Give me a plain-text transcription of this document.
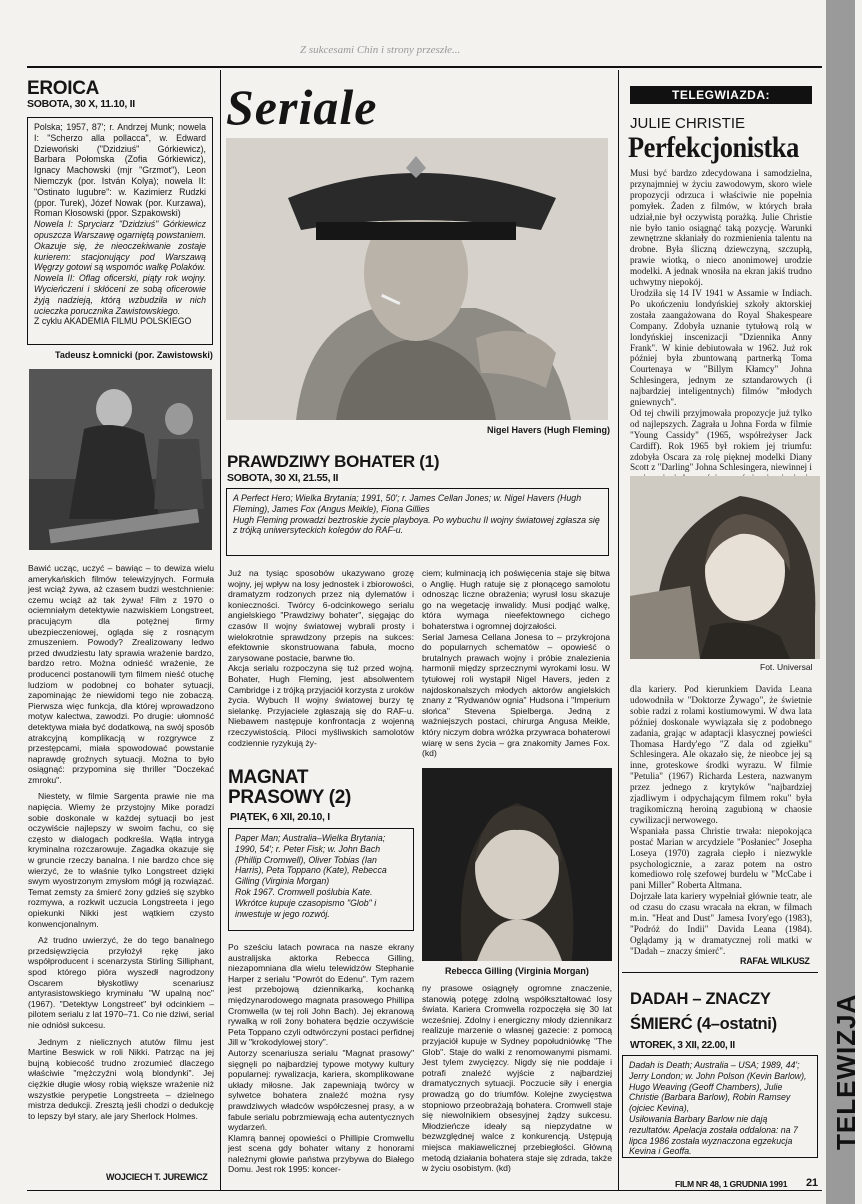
Z sukcesami Chin i strony przeszłe...
EROICA
SOBOTA, 30 X, 11.10, II
Polska; 1957, 87'; r. Andrzej Munk; nowela I: "Scherzo alla pollacca", w. Edward Dziewoński ("Dzidziuś" Górkiewicz), Barbara Połomska (Zofia Górkiewicz), Ignacy Machowski (mjr "Grzmot"), Leon Niemczyk (por. István Kolya); nowela II: "Ostinato lugubre": w. Kazimierz Rudzki (ppor. Turek), Józef Nowak (por. Kurzawa), Roman Kłosowski (ppor. Szpakowski)
Nowela I: Spryciarz "Dzidziuś" Górkiewicz opuszcza Warszawę ogarniętą powstaniem. Okazuje się, że nieoczekiwanie zostaje kurierem: stacjonujący pod Warszawą Węgrzy gotowi są wspomóc walkę Polaków.
Nowela II: Oflag oficerski, piąty rok wojny. Wycieńczeni i skłóceni ze sobą oficerowie żyją nadzieją, którą wzbudziła w nich ucieczka porucznika Zawistowskiego.
Z cyklu AKADEMIA FILMU POLSKIEGO
Tadeusz Łomnicki (por. Zawistowski)

Bawić ucząc, uczyć – bawiąc – to dewiza wielu amerykańskich filmów telewizyjnych. Formuła jest wciąż żywa, aż czasem budzi westchnienie: czemu wciąż aż tak żywa! Film z 1970 o ociemniałym detektywie nazwiskiem Longstreet, pracującym dla potężnej firmy ubezpieczeniowej, ogląda się z rosnącym zmuszeniem. Powody? Zrealizowany ledwo przed dwudziestu laty sprawia wrażenie bardzo, bardzo retro. Można odnieść wrażenie, że producenci postanowili tym filmem nieść otuchę ludziom w podobnej co bohater sytuacji, zapominając że niewidomi tego nie zobaczą. Pierwsza więc funkcja, dla której wprowadzono motyw kalectwa, zawodzi. Po drugie: ułomność detektywa miała być dodatkową, na swój sposób atrakcyjną komplikacją w rozgrywce z przestępcami, miała spowodować powstanie naprawdę groźnych sytuacji. Można to było osiągnąć: przypomina się thriller "Doczekać zmroku".

Niestety, w filmie Sargenta prawie nie ma napięcia. Wiemy że przystojny Mike poradzi sobie doskonale w każdej sytuacji bo jest oczywiście najlepszy w swoim fachu, co się często w dialogach podkreśla. Wątła intryga kryminalna rozczarowuje. Zagadka okazuje się w gruncie rzeczy banalna. I nie bardzo chce się wierzyć, że to właśnie tylko Longstreet dzięki swym wyostrzonym zmysłom mógł ją rozwiązać. Temat zemsty za śmierć żony gdzieś się szybko rozmywa, a rozkwit uczucia Longstreeta i jego opiekunki Nikki jest wątkiem czysto konwencjonalnym.

Aż trudno uwierzyć, że do tego banalnego przedsięwzięcia przyłożył rękę jako współproducent i scenarzysta Stirling Silliphant, spod którego pióra wyszedł nagrodzony Oscarem błyskotliwy scenariusz antyrasistowskiego kryminału "W upalną noc" (1967). "Detektyw Longstreet" był odcinkiem – pilotem serialu z lat 1970–71. Co nie dziwi, serial nie odniósł sukcesu.

Jednym z nielicznych atutów filmu jest Martine Beswick w roli Nikki. Patrząc na jej bujną kobiecość trudno zrozumieć dlaczego właściwie "mężczyźni wolą blondynki". Jej ciężkie długie włosy robią większe wrażenie niż wszystkie perypetie Longstreeta – dzielnego mistrza dedukcji. Zresztą jeśli chodzi o dedukcję to lepszy był stary, ale jary Sherlock Holmes.

WOJCIECH T. JUREWICZ
Seriale
Nigel Havers (Hugh Fleming)
PRAWDZIWY BOHATER (1)
SOBOTA, 30 XI, 21.55, II
A Perfect Hero; Wielka Brytania; 1991, 50'; r. James Cellan Jones; w. Nigel Havers (Hugh Fleming), James Fox (Angus Meikle), Fiona Gillies
Hugh Fleming prowadzi beztroskie życie playboya. Po wybuchu II wojny światowej zgłasza się z trójką uniwersyteckich kolegów do RAF-u.
Już na tysiąc sposobów ukazywano grozę wojny, jej wpływ na losy jednostek i zbiorowości, dramatyzm rodzonych przez nią dylematów i konieczności. Twórcy 6-odcinkowego serialu angielskiego "Prawdziwy bohater", sięgając do czasów II wojny światowej wybrali prosty i wielokrotnie sprawdzony przepis na sukces: efektownie skonstruowana fabuła, mocno zarysowane postacie, barwne tło.
Akcja serialu rozpoczyna się tuż przed wojną. Bohater, Hugh Fleming, jest absolwentem Cambridge i z trójką przyjaciół korzysta z uroków życia. Wybuch II wojny światowej burzy tę sielankę. Przyjaciele zgłaszają się do RAF-u. Niebawem następuje konfrontacja z wojenną rzeczywistością. Piloci myśliwskich samolotów codziennie ryzykują ży-
ciem; kulminacją ich poświęcenia staje się bitwa o Anglię. Hugh ratuje się z płonącego samolotu odnosząc liczne obrażenia; wyrusł losu skazuje go na wegetację inwalidy. Musi podjąć walkę, która wymaga nieefektownego cichego bohaterstwa i ogromnej dojrzałości.
Serial Jamesa Cellana Jonesa to – przykrojona do popularnych schematów – opowieść o brutalnych prawach wojny i próbie znalezienia harmonii między sprzecznymi wyrokami losu. W tytułowej roli wystąpił Nigel Havers, jeden z najdoskonalszych młodych aktorów angielskich znany z "Rydwanów ognia" Hudsona i "Imperium słońca" Stevena Spielberga. Jedną z ważniejszych postaci, chirurga Angusa Meikle, który niczym dobra wróżka przywraca bohaterowi wiarę w sens życia – gra znakomity James Fox. (kd)
MAGNAT
PRASOWY (2)
PIĄTEK, 6 XII, 20.10, I
Paper Man; Australia–Wielka Brytania; 1990, 54'; r. Peter Fisk; w. John Bach (Phillip Cromwell), Oliver Tobias (Ian Harris), Peta Toppano (Kate), Rebecca Gilling (Virginia Morgan)
Rok 1967. Cromwell poślubia Kate. Wkrótce kupuje czasopismo "Glob" i inwestuje w jego rozwój.
Rebecca Gilling (Virginia Morgan)
Po sześciu latach powraca na nasze ekrany australijska aktorka Rebecca Gilling, niezapomniana dla wielu telewidzów Stephanie Harper z serialu "Powrót do Edenu". Tym razem jest przebojową dziennikarką, kochanką międzynarodowego magnata prasowego Phillipa Cromwella (w tej roli John Bach). Jej ekranową rywalką w roli żony bohatera będzie oczywiście Peta Toppano czyli odtwórczyni postaci perfidnej Jill w "krokodylowej story".
Autorzy scenariusza serialu "Magnat prasowy" sięgnęli po najbardziej typowe motywy kultury popularnej: rywalizacja, kariera, skomplikowane układy miłosne. Jak zapewniają twórcy w sylwetce bohatera znaleźć można rysy prawdziwych władców współczesnej prasy, a w fabule serialu pobrzmiewają echa autentycznych wydarzeń.
Klamrą bannej opowieści o Phillipie Cromwellu jest scena gdy bohater witany z honorami należnymi głowie państwa przybywa do Białego Domu. Jest rok 1995: koncer-
ny prasowe osiągnęły ogromne znaczenie, stanowią potęgę zdolną współkształtować losy świata. Kariera Cromwella rozpoczęła się 30 lat wcześniej. Zdolny i energiczny młody dziennikarz realizuje marzenie o własnej gazecie: z pomocą przyjaciół kupuje w Sydney popołudniówkę "The Glob". Staje do walki z renomowanymi pismami. Jest tylem zwycięzcy. Nigdy się nie poddaje i potrafi znaleźć wyjście z najbardziej dramatycznych sytuacji. Poczucie siły i energia prowadzą go do triumfów. Kolejne zwycięstwa stopniowo przeobrażają bohatera. Cromwell staje się niewolnikiem obsesyjnej żądzy sukcesu. Młodzieńcze ideały są niepzydatne w bezwzględnej walce z konkurencją. Ustępują miejsca makiawelicznej przebiegłości. Główną metodą działania bohatera staje się zdrada, także w życiu osobistym. (kd)
TELEGWIAZDA:
JULIE CHRISTIE
Perfekcjonistka
Musi być bardzo zdecydowana i samodzielna, przynajmniej w życiu zawodowym, skoro wiele propozycji odrzuca i właściwie nie popełnia pomyłek. Żaden z filmów, w których brała udział,nie był oczywistą porażką. Julie Christie nie było tanio osiągnąć taką pozycję. Warunki zewnętrzne skłaniały do rozmienienia talentu na drobne. Była śliczną dziewczyną, szczupłą, prawie wiotką, o nieco anonimowej urodzie modelki. A jednak wnosiła na ekran jakiś trudno uchwytny niepokój.
Urodziła się 14 IV 1941 w Assamie w Indiach. Po ukończeniu londyńskiej szkoły aktorskiej została zaangażowana do Royal Shakespeare Company. Zdobyła uznanie tytułową rolą w londyńskiej inscenizacji "Dziennika Anny Frank". W kinie debiutowała w 1962. Już rok później była zbuntowaną partnerką Toma Courtenaya w "Billym Kłamcy" Johna Schlesingera, jednym ze sztandarowych (i najbardziej inteligentnych) filmów "młodych gniewnych".
Od tej chwili przyjmowała propozycje już tylko od najlepszych. Zagrała u Johna Forda w filmie "Young Cassidy" (1965, współreżyser Jack Cardiff). Rok 1965 był rokiem jej triumfu: zdobyła Oscara za rolę pięknej modelki Diany Scott z "Darling" Johna Schlesingera, niewinnej i
Fot. Universal
dla kariery. Pod kierunkiem Davida Leana udowodniła w "Doktorze Żywago", że świetnie sobie radzi z rolami kostiumowymi. W dwa lata później doskonale wywiązała się z podobnego zadania, grając w adaptacji klasycznej powieści Thomasa Hardy'ego "Z dala od zgiełku" Schlesingera. Ale okazało się, że nieobce jej są inne, groteskowe środki wyrazu. W filmie "Petulia" (1967) Richarda Lestera, nazwanym przez jednego z krytyków "najbardziej zjadliwym i odpychającym filmem roku" była tragikomiczną heroiną zagubioną w chaosie cywilizacji nerwowego.
Wspaniała passa Christie trwała: niepokojąca postać Marian w arcydziele "Posłaniec" Josepha Loseya (1970) zagrała ciepło i niezwykle psychologicznie, a zaraz potem na ostro komediowo rolę szefowej burdelu w "McCabe i pani Miller" Roberta Altmana.
Dojrzałe lata kariery wypełniał głównie teatr, ale od czasu do czasu wracała na ekran, w filmach m.in. "Heat and Dust" Jamesa Ivory'ego (1983), "Podróż do Indii" Davida Leana (1984). Oglądamy ją w dramatycznej roli matki w "Dadah – znaczy śmierć".
RAFAŁ WILKUSZ
DADAH – ZNACZY
ŚMIERĆ (4–ostatni)
WTOREK, 3 XII, 22.00, II
Dadah is Death; Australia – USA; 1989, 44'; Jerry London; w. John Polson (Kevin Barlow), Hugo Weaving (Geoff Chambers), Julie Christie (Barbara Barlow), Robin Ramsey (ojciec Kevina),
Usiłowania Barbary Barlow nie dają rezultatów. Apelacja została oddalona: na 7 lipca 1986 została wyznaczona egzekucja Kevina i Geoffa.
TELEWIZJA
FILM NR 48, 1 GRUDNIA 1991 21
